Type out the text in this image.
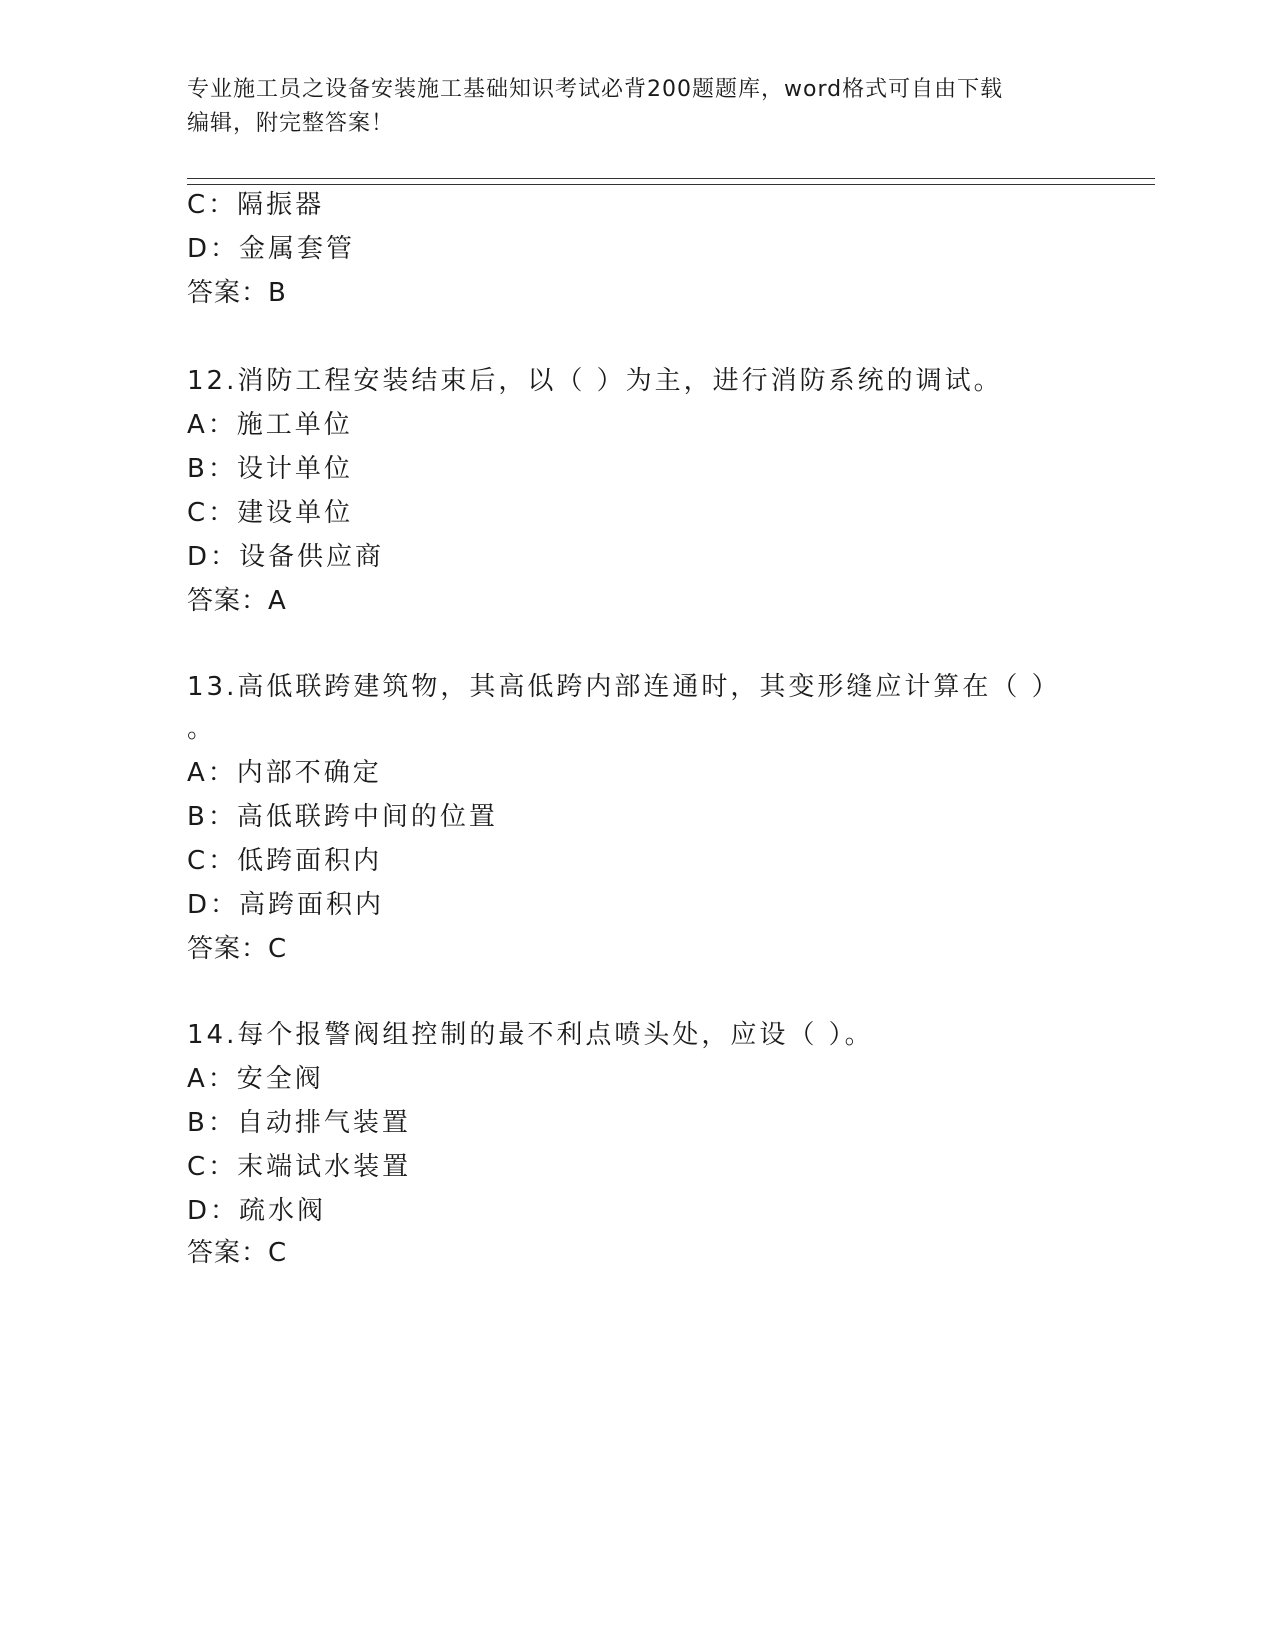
专业施工员之设备安装施工基础知识考试必背200题题库，word格式可自由下载
编辑，附完整答案！
C：隔振器
D：金属套管
答案：B
12.消防工程安装结束后，以（ ）为主，进行消防系统的调试。
A：施工单位
B：设计单位
C：建设单位
D：设备供应商
答案：A
13.高低联跨建筑物，其高低跨内部连通时，其变形缝应计算在（ ）
。
A：内部不确定
B：高低联跨中间的位置
C：低跨面积内
D：高跨面积内
答案：C
14.每个报警阀组控制的最不利点喷头处，应设（ ）。
A：安全阀
B：自动排气装置
C：末端试水装置
D：疏水阀
答案：C
